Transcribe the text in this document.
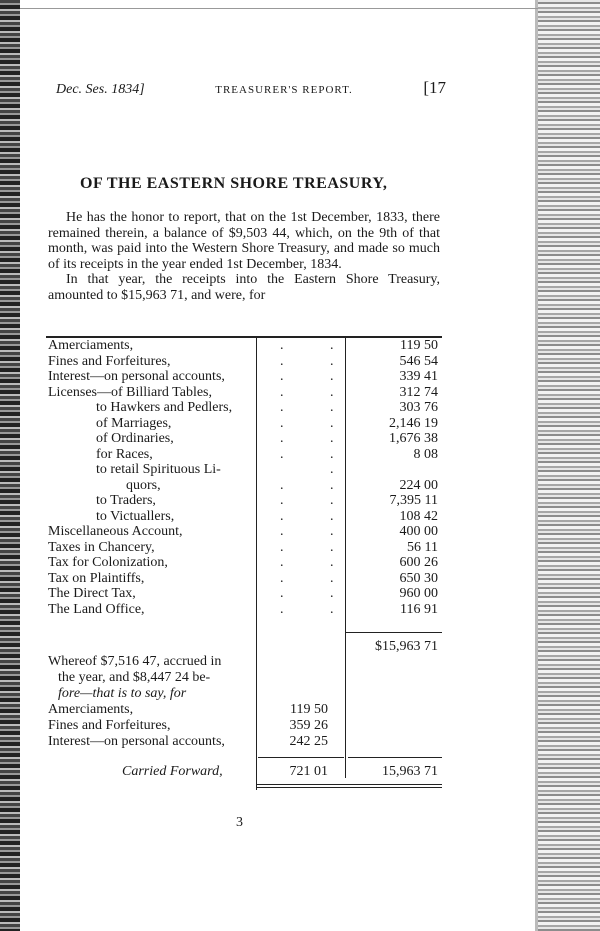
Dec. Ses. 1834]	TREASURER'S REPORT.	[17
OF THE EASTERN SHORE TREASURY,

He has the honor to report, that on the 1st December, 1833, there remained therein, a balance of $9,503 44, which, on the 9th of that month, was paid into the Western Shore Treasury, and made so much of its receipts in the year ended 1st December, 1834.

In that year, the receipts into the Eastern Shore Treasury, amounted to $15,963 71, and were, for

Amerciaments,	.	.	119 50
Fines and Forfeitures,	.	.	546 54
Interest—on personal accounts,	.	.	339 41
Licenses—of Billiard Tables,	.	.	312 74
to Hawkers and Pedlers,	.	.	303 76
of Marriages,	.	.	2,146 19
of Ordinaries,	.	.	1,676 38
for Races,	.	.	8 08
to retail Spirituous Li-	.
quors,	.	.	224 00
to Traders,	.	.	7,395 11
to Victuallers,	.	.	108 42
Miscellaneous Account,	.	.	400 00
Taxes in Chancery,	.	.	56 11
Tax for Colonization,	.	.	600 26
Tax on Plaintiffs,	.	.	650 30
The Direct Tax,	.	.	960 00
The Land Office,	.	.	116 91
$15,963 71
Whereof $7,516 47, accrued in
the year, and $8,447 24 be-
fore—that is to say, for
Amerciaments,	119 50
Fines and Forfeitures,	359 26
Interest—on personal accounts,	242 25
Carried Forward,	721 01	15,963 71
3
